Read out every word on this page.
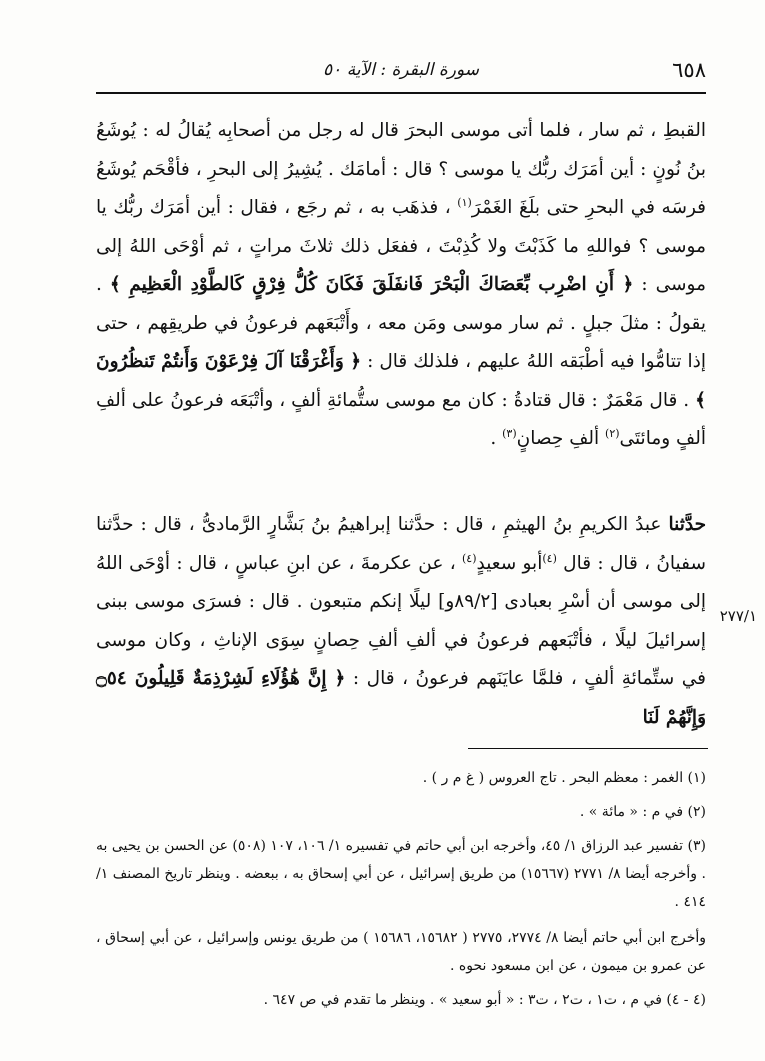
٦٥٨
سورة البقرة : الآية ٥٠
٢٧٧/١

القبطِ ، ثم سار ، فلما أتى موسى البحرَ قال له رجل من أصحابِه يُقالُ له : يُوشَعُ بنُ نُونٍ : أين أمَرَك ربُّك يا موسى ؟ قال : أمامَك . يُشِيرُ إلى البحرِ ، فأقْحَم يُوشَعُ فرسَه في البحرِ حتى بلَغَ الغَمْرَ$^{(١)}$ ، فذهَب به ، ثم رجَع ، فقال : أين أمَرَك ربُّك يا موسى ؟ فواللهِ ما كَذَبْتَ ولا كُذِبْتَ ، ففعَل ذلك ثلاثَ مراتٍ ، ثم أوْحَى اللهُ إلى موسى : ﴿ أَنِ اضْرِب بِّعَصَاكَ الْبَحْرَ فَانفَلَقَ فَكَانَ كُلُّ فِرْقٍ كَالطَّوْدِ الْعَظِيمِ ﴾ . يقولُ : مثلَ جبلٍ . ثم سار موسى ومَن معه ، وأَتْبَعَهم فرعونُ في طريقِهم ، حتى إذا تتامُّوا فيه أطْبَقه اللهُ عليهم ، فلذلك قال : ﴿ وَأَغْرَقْنَا آلَ فِرْعَوْنَ وَأَنتُمْ تَنظُرُونَ ﴾ . قال مَعْمَرٌ : قال قتادةُ : كان مع موسى ستُّمائةِ ألفٍ ، وأتْبَعَه فرعونُ على ألفِ ألفٍ ومائتَى$^{(٢)}$ ألفِ حِصانٍ$^{(٣)}$ .

حدَّثنا عبدُ الكريمِ بنُ الهيثمِ ، قال : حدَّثنا إبراهيمُ بنُ بَشَّارٍ الرَّمادىُّ ، قال : حدَّثنا سفيانُ ، قال : قال $^{(٤)}$أبو سعيدٍ$^{(٤)}$ ، عن عكرمةَ ، عن ابنِ عباسٍ ، قال : أوْحَى اللهُ إلى موسى أن أسْرِ بعبادى [٨٩/٢و] ليلًا إنكم متبعون . قال : فسرَى موسى ببنى إسرائيلَ ليلًا ، فأتْبَعهم فرعونُ في ألفِ ألفِ حِصانٍ سِوَى الإناثِ ، وكان موسى في ستِّمائةِ ألفٍ ، فلمَّا عايَنَهم فرعونُ ، قال : ﴿ إِنَّ هَٰؤُلَاءِ لَشِرْذِمَةٌ قَلِيلُونَ ۝٥٤ وَإِنَّهُمْ لَنَا

(١) الغمر : معظم البحر . تاج العروس ( غ م ر ) .

(٢) في م : « مائة » .

(٣) تفسير عبد الرزاق ١/ ٤٥، وأخرجه ابن أبي حاتم في تفسيره ١/ ١٠٦، ١٠٧ (٥٠٨) عن الحسن بن يحيى به . وأخرجه أيضا ٨/ ٢٧٧١ (١٥٦٦٧) من طريق إسرائيل ، عن أبي إسحاق به ، ببعضه . وينظر تاريخ المصنف ١/ ٤١٤ .

وأخرج ابن أبي حاتم أيضا ٨/ ٢٧٧٤، ٢٧٧٥ ( ١٥٦٨٢، ١٥٦٨٦ ) من طريق يونس وإسرائيل ، عن أبي إسحاق ، عن عمرو بن ميمون ، عن ابن مسعود نحوه .

(٤ - ٤) في م ، ت١ ، ت٢ ، ت٣ : « أبو سعيد » . وينظر ما تقدم في ص ٦٤٧ .
